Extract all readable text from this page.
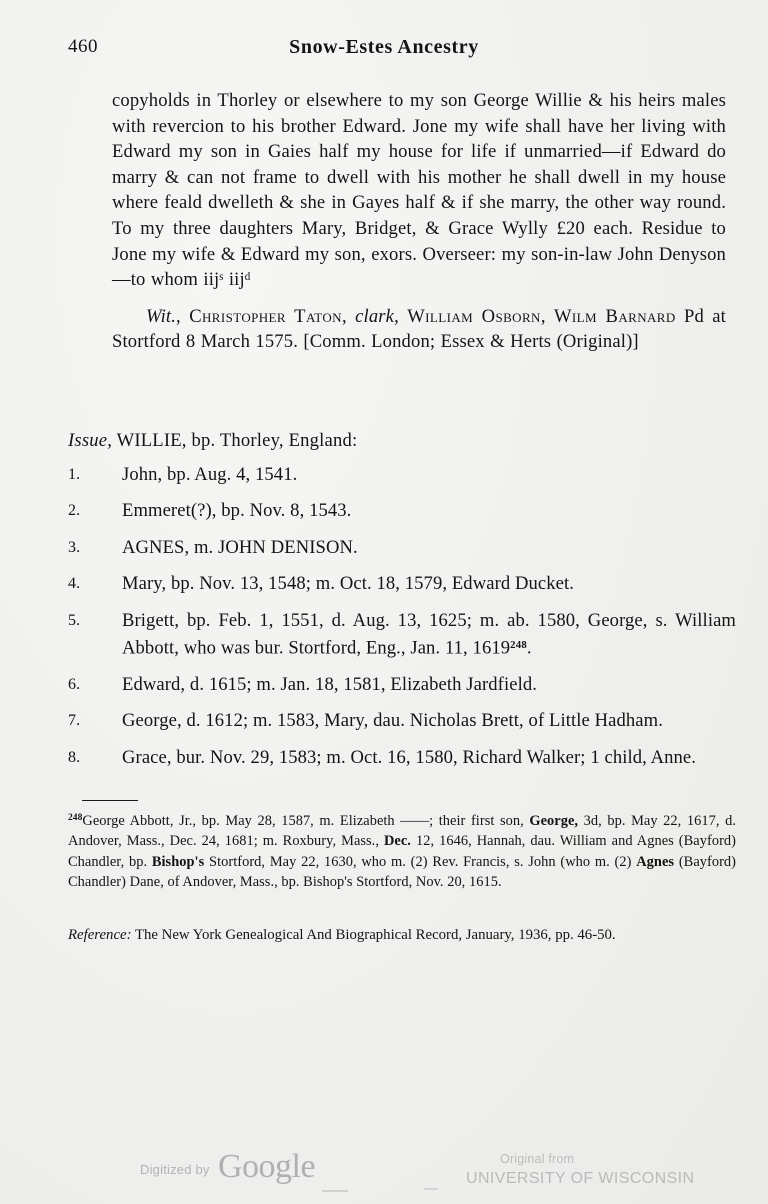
460	Snow-Estes Ancestry

copyholds in Thorley or elsewhere to my son George Willie & his heirs males with revercion to his brother Edward. Jone my wife shall have her living with Edward my son in Gaies half my house for life if unmarried—if Edward do marry & can not frame to dwell with his mother he shall dwell in my house where feald dwelleth & she in Gayes half & if she marry, the other way round. To my three daughters Mary, Bridget, & Grace Wylly £20 each. Residue to Jone my wife & Edward my son, exors. Overseer: my son-in-law John Denyson—to whom iijˢ iijᵈ

Wit., Christopher Taton, clark, William Osborn, Wilm Barnard Pd at Stortford 8 March 1575. [Comm. London; Essex & Herts (Original)]

Issue, WILLIE, bp. Thorley, England:
1.	John, bp. Aug. 4, 1541.
2.	Emmeret(?), bp. Nov. 8, 1543.
3.	AGNES, m. JOHN DENISON.
4.	Mary, bp. Nov. 13, 1548; m. Oct. 18, 1579, Edward Ducket.
5.	Brigett, bp. Feb. 1, 1551, d. Aug. 13, 1625; m. ab. 1580, George, s. William Abbott, who was bur. Stortford, Eng., Jan. 11, 1619$^{248}$.
6.	Edward, d. 1615; m. Jan. 18, 1581, Elizabeth Jardfield.
7.	George, d. 1612; m. 1583, Mary, dau. Nicholas Brett, of Little Hadham.
8.	Grace, bur. Nov. 29, 1583; m. Oct. 16, 1580, Richard Walker; 1 child, Anne.

$^{248}$George Abbott, Jr., bp. May 28, 1587, m. Elizabeth ——; their first son, George, 3d, bp. May 22, 1617, d. Andover, Mass., Dec. 24, 1681; m. Roxbury, Mass., Dec. 12, 1646, Hannah, dau. William and Agnes (Bayford) Chandler, bp. Bishop's Stortford, May 22, 1630, who m. (2) Rev. Francis, s. John (who m. (2) Agnes (Bayford) Chandler) Dane, of Andover, Mass., bp. Bishop's Stortford, Nov. 20, 1615.

Reference: The New York Genealogical And Biographical Record, January, 1936, pp. 46-50.

Digitized by Google	Original from
UNIVERSITY OF WISCONSIN
